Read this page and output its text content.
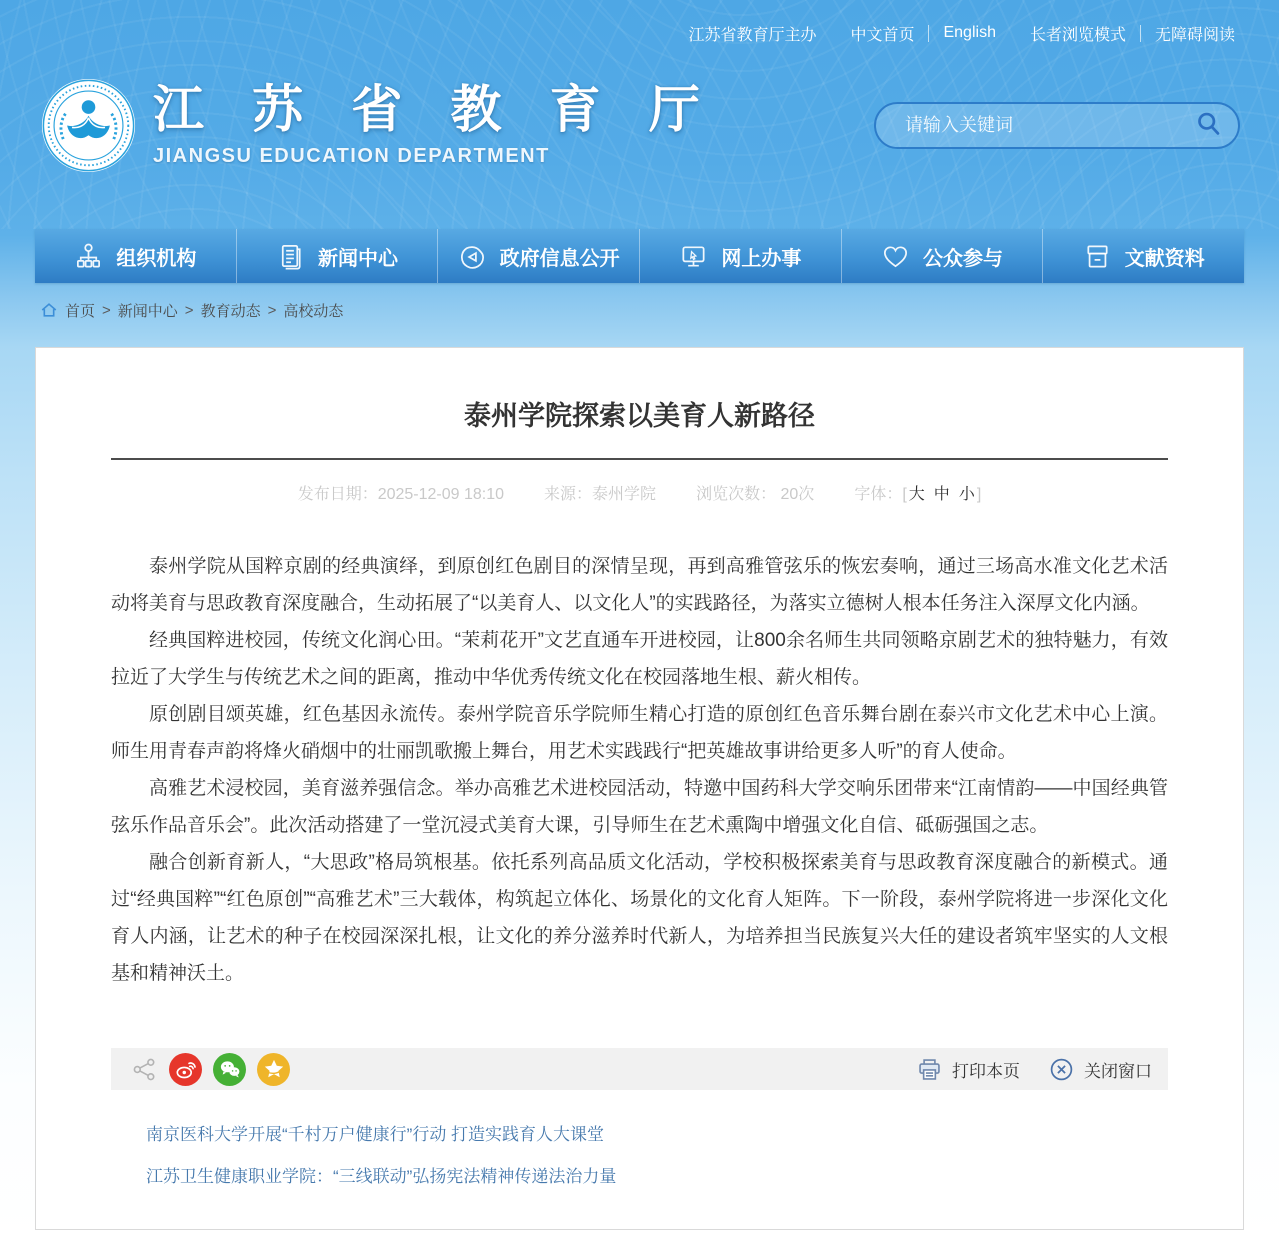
江苏省教育厅主办 中文首页 English 长者浏览模式 无障碍阅读
江 苏 省 教 育 厅
JIANGSU EDUCATION DEPARTMENT
请输入关键词
组织机构	新闻中心	政府信息公开	网上办事	公众参与	文献资料
首页 > 新闻中心 > 教育动态 > 高校动态
泰州学院探索以美育人新路径
发布日期：2025-12-09 18:10	来源：泰州学院	浏览次数： 20次	字体：[ 大 中 小 ]

泰州学院从国粹京剧的经典演绎，到原创红色剧目的深情呈现，再到高雅管弦乐的恢宏奏响，通过三场高水准文化艺术活动将美育与思政教育深度融合，生动拓展了“以美育人、以文化人”的实践路径，为落实立德树人根本任务注入深厚文化内涵。

经典国粹进校园，传统文化润心田。“茉莉花开”文艺直通车开进校园，让800余名师生共同领略京剧艺术的独特魅力，有效拉近了大学生与传统艺术之间的距离，推动中华优秀传统文化在校园落地生根、薪火相传。

原创剧目颂英雄，红色基因永流传。泰州学院音乐学院师生精心打造的原创红色音乐舞台剧在泰兴市文化艺术中心上演。师生用青春声韵将烽火硝烟中的壮丽凯歌搬上舞台，用艺术实践践行“把英雄故事讲给更多人听”的育人使命。

高雅艺术浸校园，美育滋养强信念。举办高雅艺术进校园活动，特邀中国药科大学交响乐团带来“江南情韵——中国经典管弦乐作品音乐会”。此次活动搭建了一堂沉浸式美育大课，引导师生在艺术熏陶中增强文化自信、砥砺强国之志。

融合创新育新人，“大思政”格局筑根基。依托系列高品质文化活动，学校积极探索美育与思政教育深度融合的新模式。通过“经典国粹”“红色原创”“高雅艺术”三大载体，构筑起立体化、场景化的文化育人矩阵。下一阶段，泰州学院将进一步深化文化育人内涵，让艺术的种子在校园深深扎根，让文化的养分滋养时代新人，为培养担当民族复兴大任的建设者筑牢坚实的人文根基和精神沃土。

打印本页	关闭窗口
南京医科大学开展“千村万户健康行”行动 打造实践育人大课堂
江苏卫生健康职业学院：“三线联动”弘扬宪法精神传递法治力量
